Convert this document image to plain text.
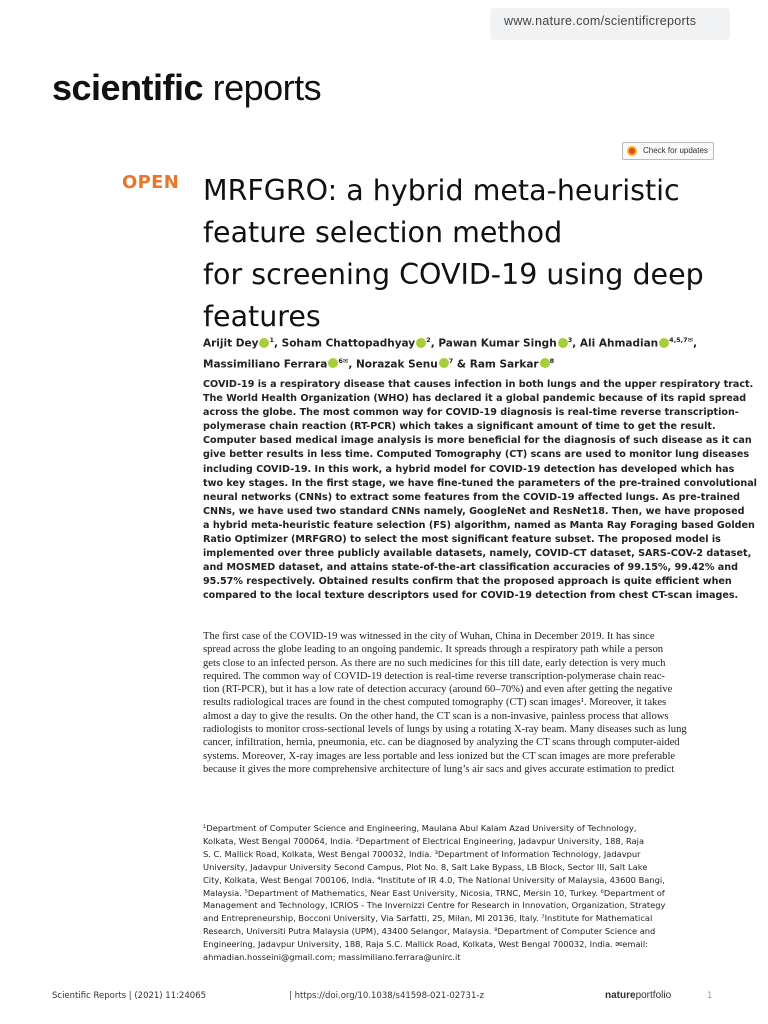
www.nature.com/scientificreports
scientific reports
Check for updates
OPEN MRFGRO: a hybrid meta-heuristic
feature selection method
for screening COVID-19 using deep
features
Arijit Dey $^1$, Soham Chattopadhyay $^2$, Pawan Kumar Singh $^3$, Ali Ahmadian $^{4,5,7✉}$,
Massimiliano Ferrara $^{6✉}$, Norazak Senu $^7$ & Ram Sarkar $^8$
COVID-19 is a respiratory disease that causes infection in both lungs and the upper respiratory tract.
The World Health Organization (WHO) has declared it a global pandemic because of its rapid spread
across the globe. The most common way for COVID-19 diagnosis is real-time reverse transcription-
polymerase chain reaction (RT-PCR) which takes a significant amount of time to get the result.
Computer based medical image analysis is more beneficial for the diagnosis of such disease as it can
give better results in less time. Computed Tomography (CT) scans are used to monitor lung diseases
including COVID-19. In this work, a hybrid model for COVID-19 detection has developed which has
two key stages. In the first stage, we have fine-tuned the parameters of the pre-trained convolutional
neural networks (CNNs) to extract some features from the COVID-19 affected lungs. As pre-trained
CNNs, we have used two standard CNNs namely, GoogleNet and ResNet18. Then, we have proposed
a hybrid meta-heuristic feature selection (FS) algorithm, named as Manta Ray Foraging based Golden
Ratio Optimizer (MRFGRO) to select the most significant feature subset. The proposed model is
implemented over three publicly available datasets, namely, COVID-CT dataset, SARS-COV-2 dataset,
and MOSMED dataset, and attains state-of-the-art classification accuracies of 99.15%, 99.42% and
95.57% respectively. Obtained results confirm that the proposed approach is quite efficient when
compared to the local texture descriptors used for COVID-19 detection from chest CT-scan images.
The first case of the COVID-19 was witnessed in the city of Wuhan, China in December 2019. It has since
spread across the globe leading to an ongoing pandemic. It spreads through a respiratory path while a person
gets close to an infected person. As there are no such medicines for this till date, early detection is very much
required. The common way of COVID-19 detection is real-time reverse transcription-polymerase chain reac-
tion (RT-PCR), but it has a low rate of detection accuracy (around 60–70%) and even after getting the negative
results radiological traces are found in the chest computed tomography (CT) scan images¹. Moreover, it takes
almost a day to give the results. On the other hand, the CT scan is a non-invasive, painless process that allows
radiologists to monitor cross-sectional levels of lungs by using a rotating X-ray beam. Many diseases such as lung
cancer, infiltration, hernia, pneumonia, etc. can be diagnosed by analyzing the CT scans through computer-aided
systems. Moreover, X-ray images are less portable and less ionized but the CT scan images are more preferable
because it gives the more comprehensive architecture of lung’s air sacs and gives accurate estimation to predict
¹Department of Computer Science and Engineering, Maulana Abul Kalam Azad University of Technology,
Kolkata, West Bengal 700064, India. ²Department of Electrical Engineering, Jadavpur University, 188, Raja
S. C. Mallick Road, Kolkata, West Bengal 700032, India. ³Department of Information Technology, Jadavpur
University, Jadavpur University Second Campus, Plot No. 8, Salt Lake Bypass, LB Block, Sector III, Salt Lake
City, Kolkata, West Bengal 700106, India. ⁴Institute of IR 4.0, The National University of Malaysia, 43600 Bangi,
Malaysia. ⁵Department of Mathematics, Near East University, Nicosia, TRNC, Mersin 10, Turkey. ⁶Department of
Management and Technology, ICRIOS - The Invernizzi Centre for Research in Innovation, Organization, Strategy
and Entrepreneurship, Bocconi University, Via Sarfatti, 25, Milan, MI 20136, Italy. ⁷Institute for Mathematical
Research, Universiti Putra Malaysia (UPM), 43400 Selangor, Malaysia. ⁸Department of Computer Science and
Engineering, Jadavpur University, 188, Raja S.C. Mallick Road, Kolkata, West Bengal 700032, India. ✉email:
ahmadian.hosseini@gmail.com; massimiliano.ferrara@unirc.it
Scientific Reports | (2021) 11:24065	| https://doi.org/10.1038/s41598-021-02731-z	natureportfolio	1
